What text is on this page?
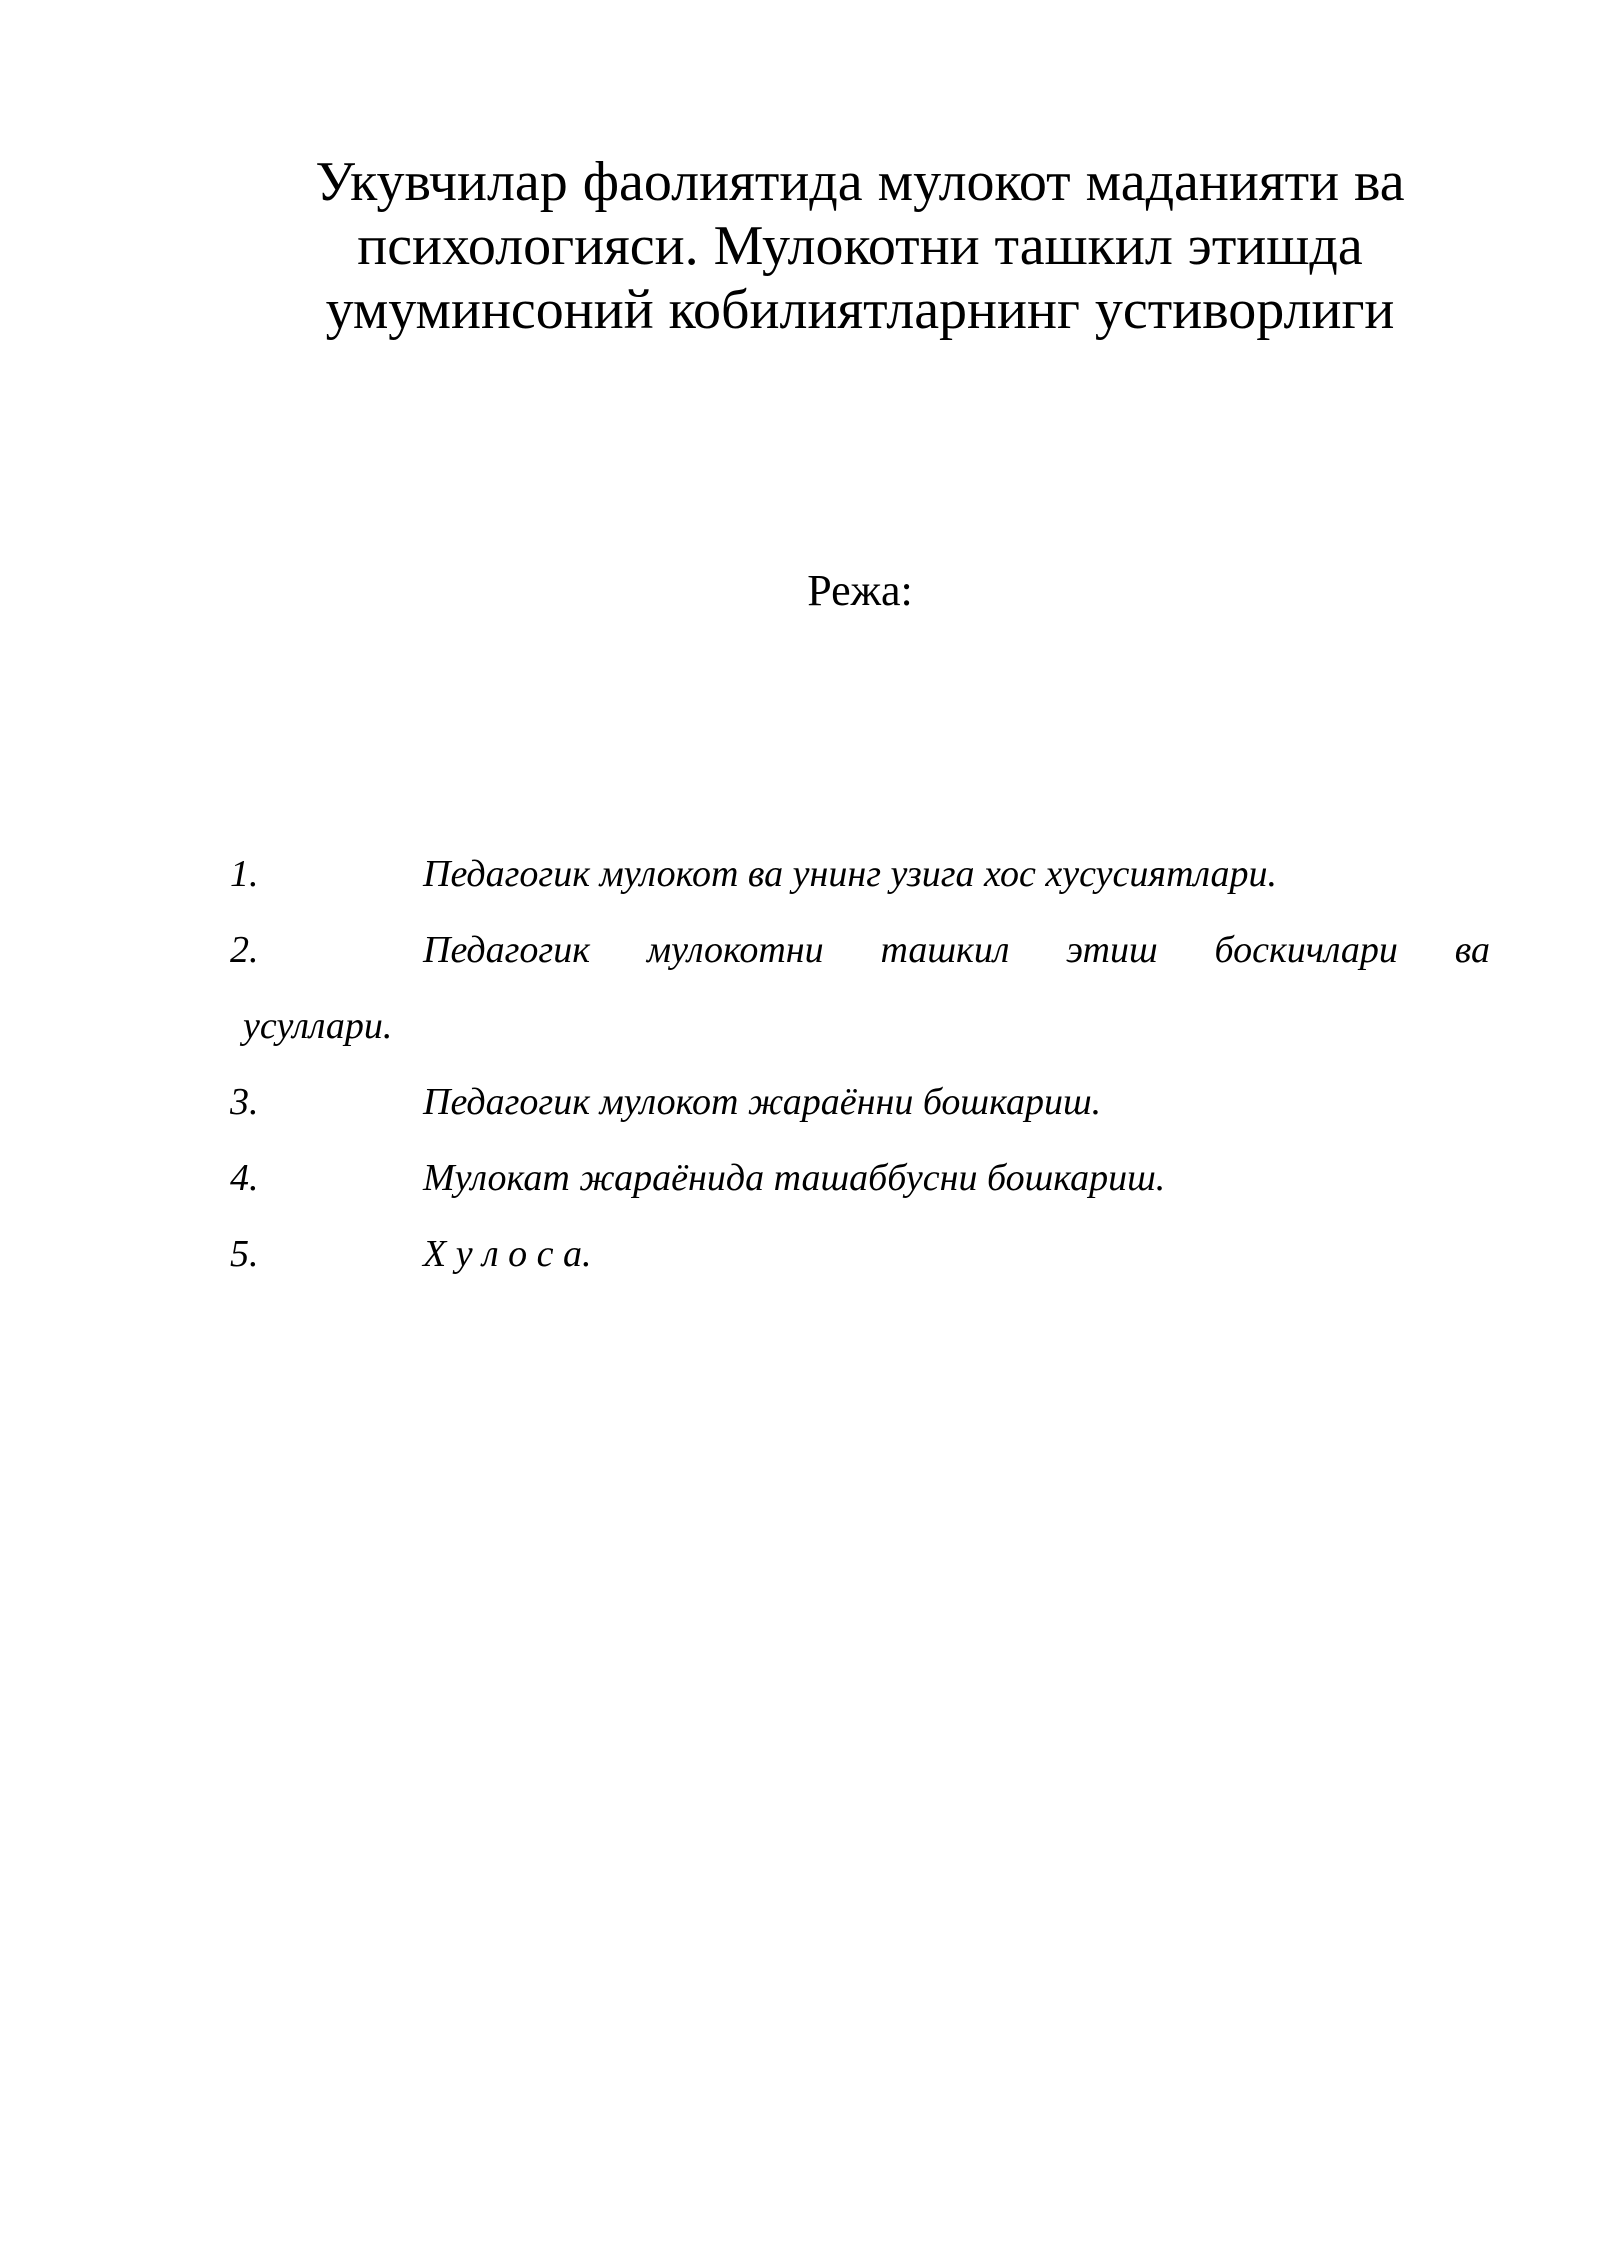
Укувчилар фаолиятида мулокот маданияти ва
психологияси. Мулокотни ташкил этишда
умуминсоний кобилиятларнинг устиворлиги
Режа:
1.	Педагогик мулокот ва унинг узига хос хусусиятлари.
2.	Педагогик мулокотни ташкил этиш боскичлари ва
усуллари.
3.	Педагогик мулокот жараённи бошкариш.
4.	Мулокат жараёнида ташаббусни бошкариш.
5.	Х у л о с а.
